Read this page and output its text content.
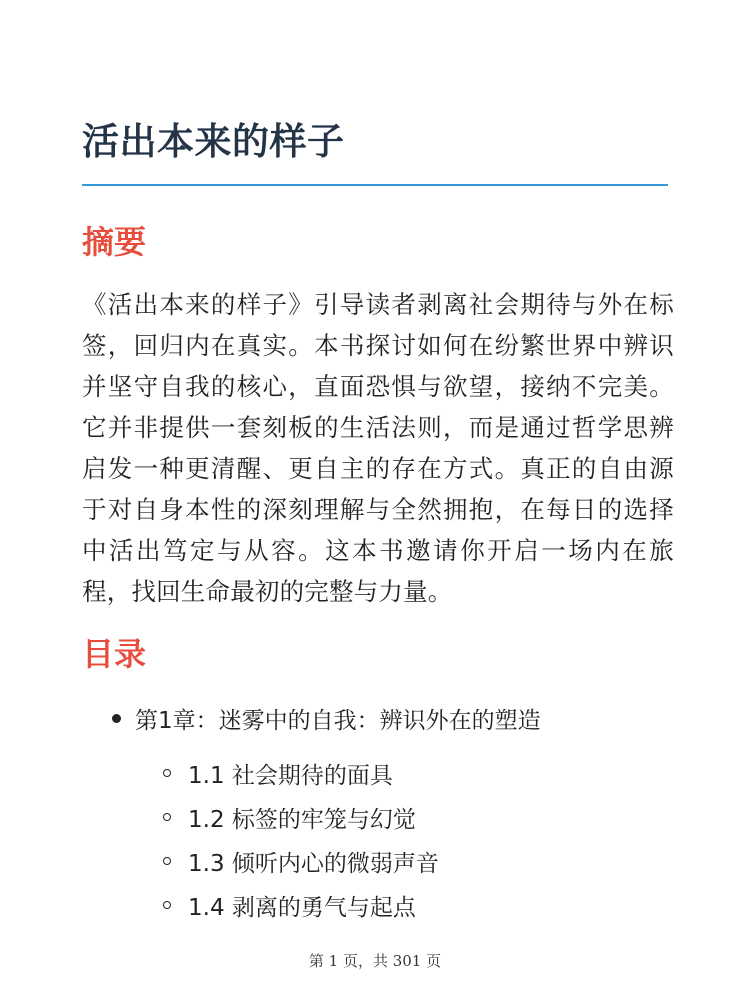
活出本来的样子
摘要

《活出本来的样子》引导读者剥离社会期待与外在标签，回归内在真实。本书探讨如何在纷繁世界中辨识并坚守自我的核心，直面恐惧与欲望，接纳不完美。它并非提供一套刻板的生活法则，而是通过哲学思辨启发一种更清醒、更自主的存在方式。真正的自由源于对自身本性的深刻理解与全然拥抱，在每日的选择中活出笃定与从容。这本书邀请你开启一场内在旅程，找回生命最初的完整与力量。

目录
第1章：迷雾中的自我：辨识外在的塑造
1.1 社会期待的面具
1.2 标签的牢笼与幻觉
1.3 倾听内心的微弱声音
1.4 剥离的勇气与起点
第 1 页，共 301 页
